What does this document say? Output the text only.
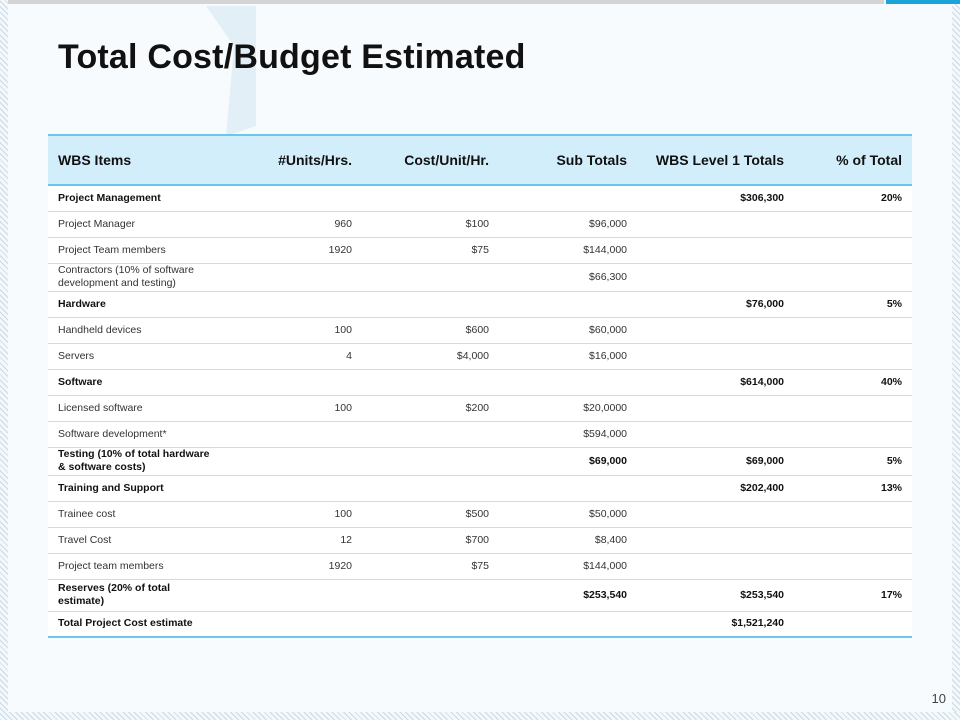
Total Cost/Budget Estimated
WBS Items	#Units/Hrs.	Cost/Unit/Hr.	Sub Totals	WBS Level 1 Totals	% of Total
Project Management				$306,300	20%
Project Manager	960	$100	$96,000		
Project Team members	1920	$75	$144,000		
Contractors (10% of software development and testing)			$66,300		
Hardware				$76,000	5%
Handheld devices	100	$600	$60,000		
Servers	4	$4,000	$16,000		
Software				$614,000	40%
Licensed software	100	$200	$20,0000		
Software development*			$594,000		
Testing (10% of total hardware & software costs)			$69,000	$69,000	5%
Training and Support				$202,400	13%
Trainee cost	100	$500	$50,000		
Travel Cost	12	$700	$8,400		
Project team members	1920	$75	$144,000		
Reserves (20% of total estimate)			$253,540	$253,540	17%
Total Project Cost estimate				$1,521,240	
10
